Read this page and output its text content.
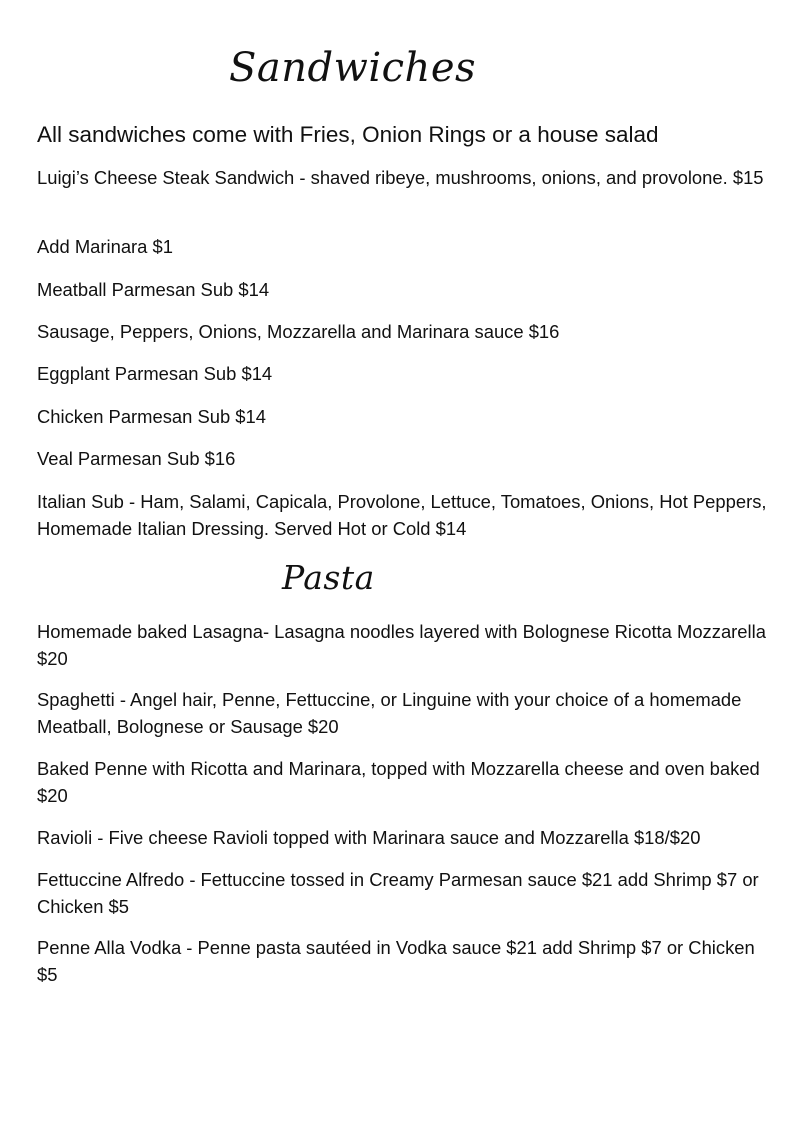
Sandwiches

All sandwiches come with Fries, Onion Rings or a house salad

Luigi’s Cheese Steak Sandwich - shaved ribeye, mushrooms, onions, and provolone. $15

Add Marinara $1

Meatball Parmesan Sub $14

Sausage, Peppers, Onions, Mozzarella and Marinara sauce $16

Eggplant Parmesan Sub $14

Chicken Parmesan Sub $14

Veal Parmesan Sub $16

Italian Sub - Ham, Salami, Capicala, Provolone, Lettuce, Tomatoes, Onions, Hot Peppers, Homemade Italian Dressing. Served Hot or Cold $14

Pasta

Homemade baked Lasagna- Lasagna noodles layered with Bolognese Ricotta Mozzarella $20

Spaghetti - Angel hair, Penne, Fettuccine, or Linguine with your choice of a homemade Meatball, Bolognese or Sausage $20

Baked Penne with Ricotta and Marinara, topped with Mozzarella cheese and oven baked $20

Ravioli - Five cheese Ravioli topped with Marinara sauce and Mozzarella $18/$20

Fettuccine Alfredo - Fettuccine tossed in Creamy Parmesan sauce $21 add Shrimp $7 or Chicken $5

Penne Alla Vodka - Penne pasta sautéed in Vodka sauce $21 add Shrimp $7 or Chicken $5
